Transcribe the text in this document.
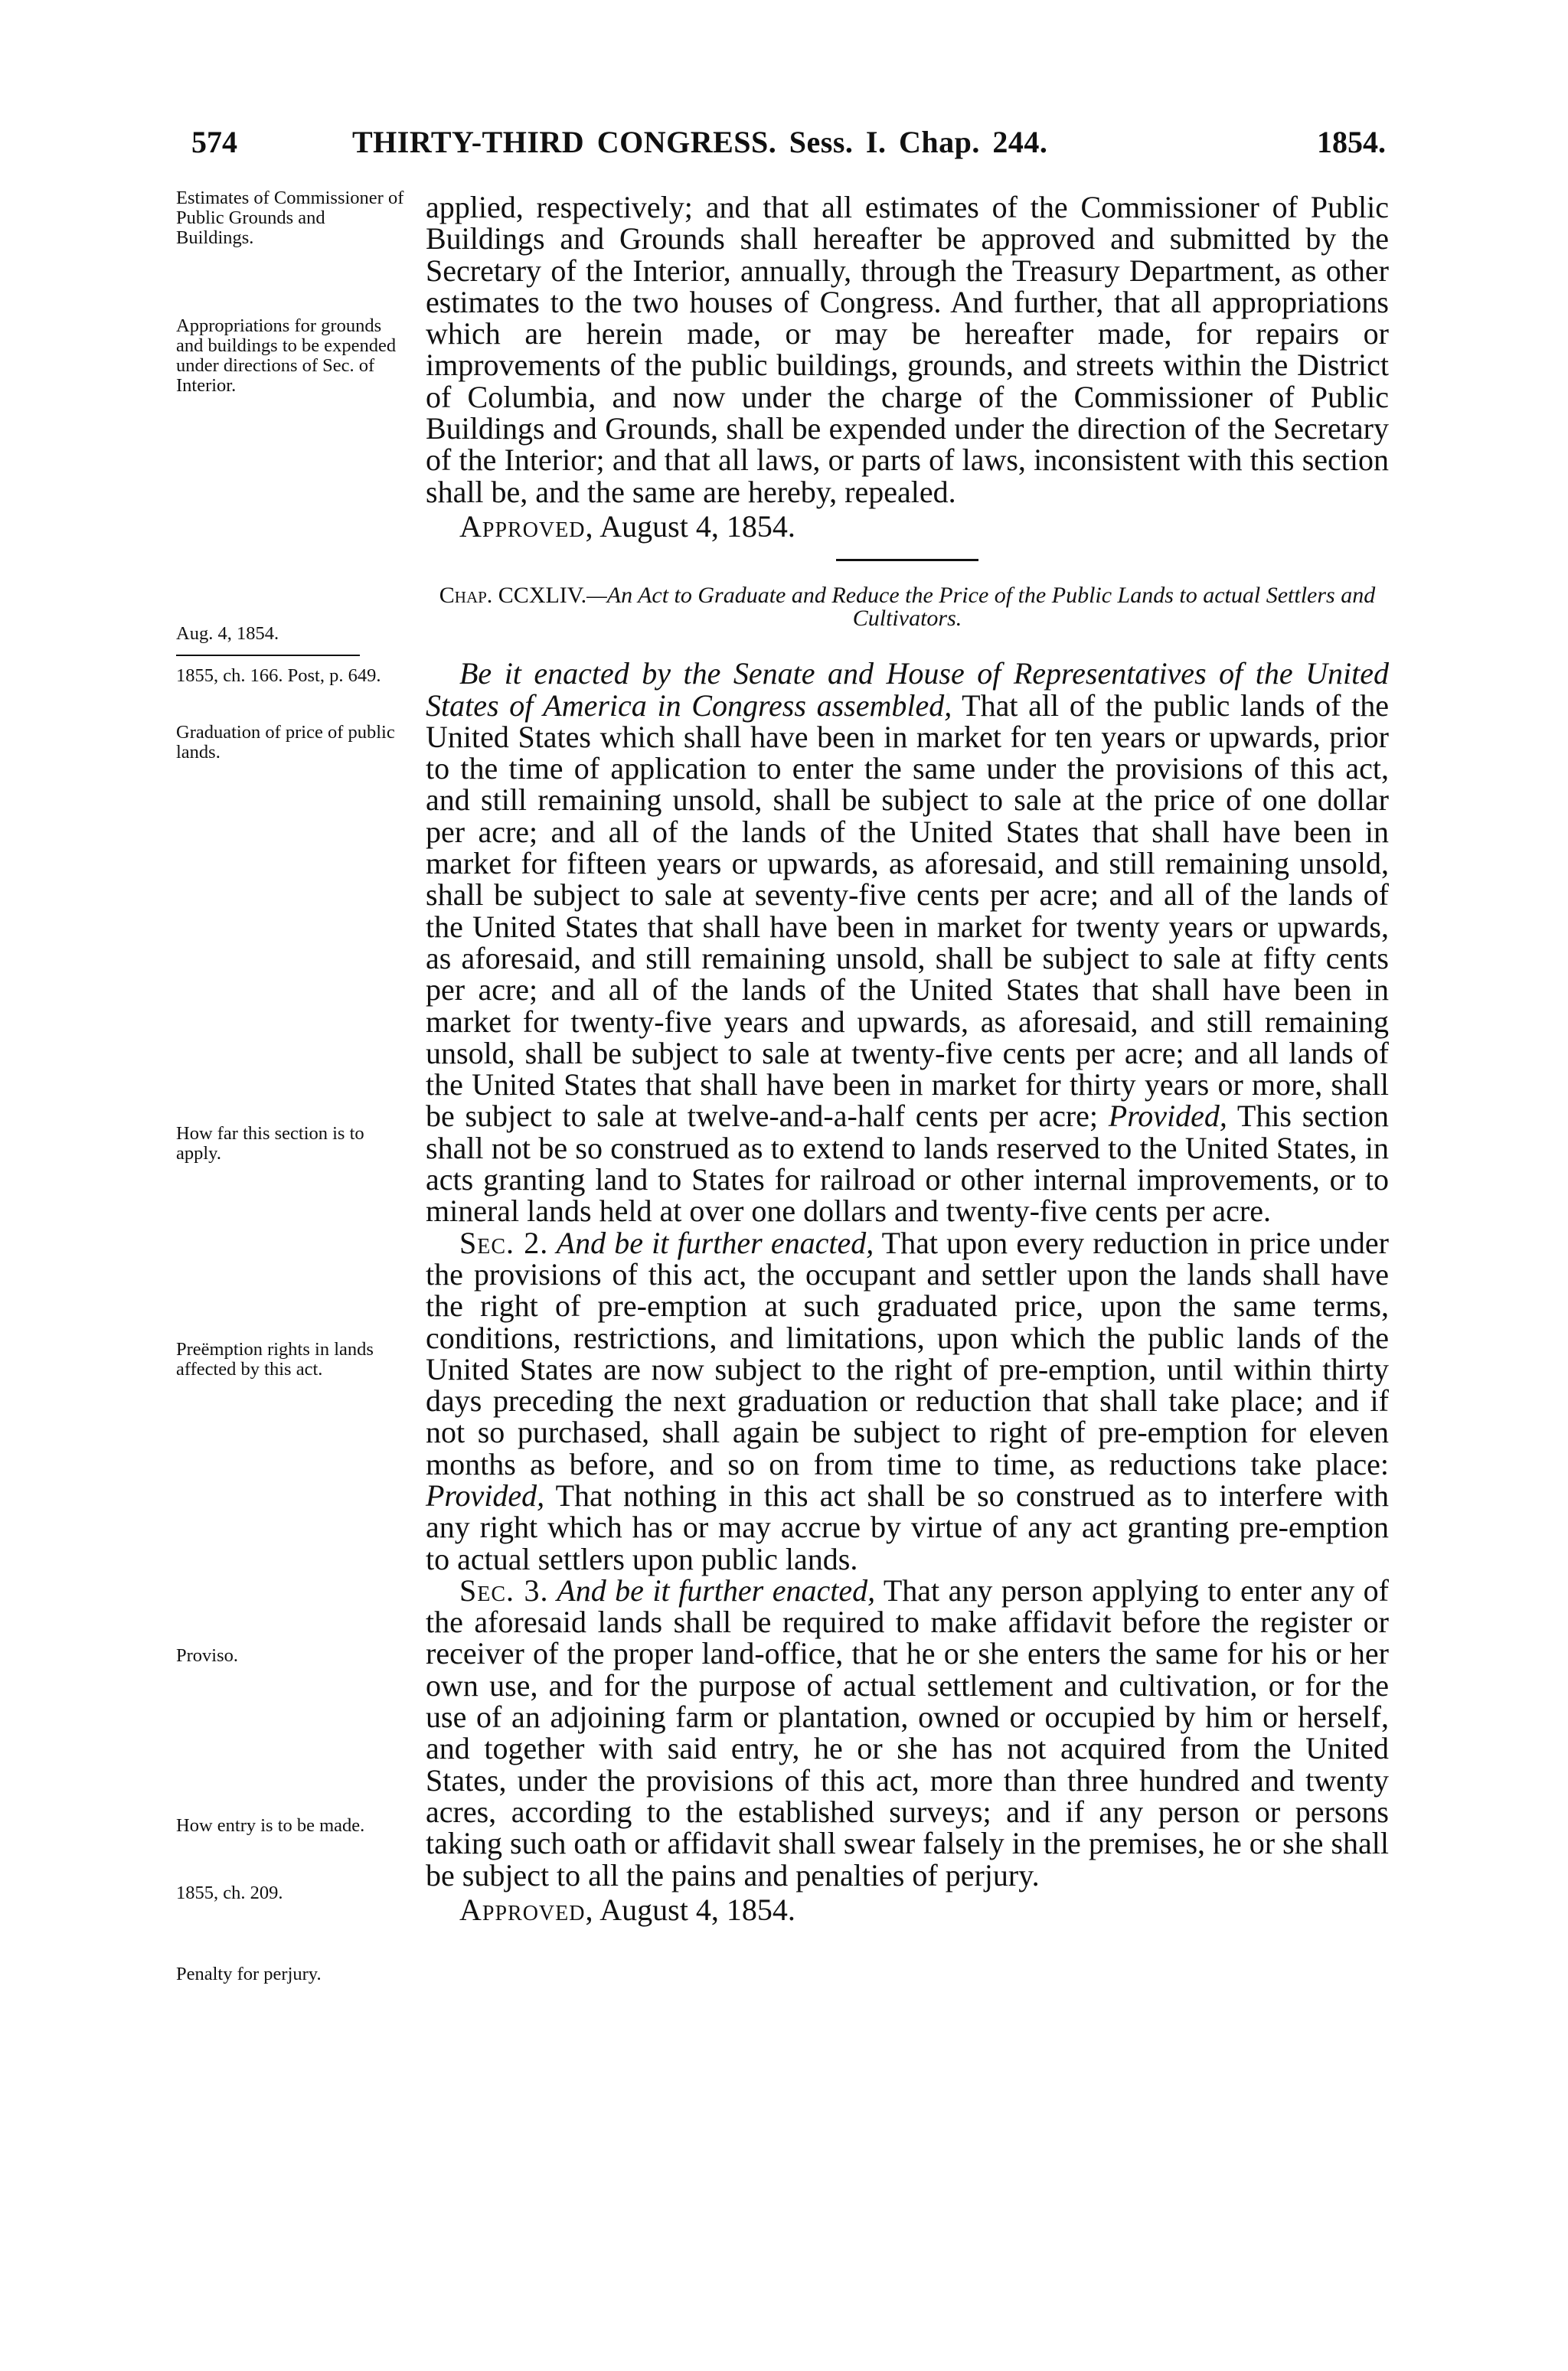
574	THIRTY-THIRD CONGRESS. Sess. I. Chap. 244.	1854.

Estimates of Commissioner of Public Grounds and Buildings.

Appropriations for grounds and buildings to be expended under directions of Sec. of Interior.

Aug. 4, 1854.

1855, ch. 166. Post, p. 649.

Graduation of price of public lands.

How far this section is to apply.

Preëmption rights in lands affected by this act.

Proviso.

How entry is to be made.

1855, ch. 209.

Penalty for perjury.

applied, respectively; and that all estimates of the Commissioner of Public Buildings and Grounds shall hereafter be approved and submitted by the Secretary of the Interior, annually, through the Treasury Department, as other estimates to the two houses of Congress. And further, that all appropriations which are herein made, or may be hereafter made, for repairs or improvements of the public buildings, grounds, and streets within the District of Columbia, and now under the charge of the Commissioner of Public Buildings and Grounds, shall be expended under the direction of the Secretary of the Interior; and that all laws, or parts of laws, inconsistent with this section shall be, and the same are hereby, repealed.

Approved, August 4, 1854.

Chap. CCXLIV.—An Act to Graduate and Reduce the Price of the Public Lands to actual Settlers and Cultivators.

Be it enacted by the Senate and House of Representatives of the United States of America in Congress assembled, That all of the public lands of the United States which shall have been in market for ten years or upwards, prior to the time of application to enter the same under the provisions of this act, and still remaining unsold, shall be subject to sale at the price of one dollar per acre; and all of the lands of the United States that shall have been in market for fifteen years or upwards, as aforesaid, and still remaining unsold, shall be subject to sale at seventy-five cents per acre; and all of the lands of the United States that shall have been in market for twenty years or upwards, as aforesaid, and still remaining unsold, shall be subject to sale at fifty cents per acre; and all of the lands of the United States that shall have been in market for twenty-five years and upwards, as aforesaid, and still remaining unsold, shall be subject to sale at twenty-five cents per acre; and all lands of the United States that shall have been in market for thirty years or more, shall be subject to sale at twelve-and-a-half cents per acre; Provided, This section shall not be so construed as to extend to lands reserved to the United States, in acts granting land to States for railroad or other internal improvements, or to mineral lands held at over one dollars and twenty-five cents per acre.

Sec. 2. And be it further enacted, That upon every reduction in price under the provisions of this act, the occupant and settler upon the lands shall have the right of pre-emption at such graduated price, upon the same terms, conditions, restrictions, and limitations, upon which the public lands of the United States are now subject to the right of pre-emption, until within thirty days preceding the next graduation or reduction that shall take place; and if not so purchased, shall again be subject to right of pre-emption for eleven months as before, and so on from time to time, as reductions take place: Provided, That nothing in this act shall be so construed as to interfere with any right which has or may accrue by virtue of any act granting pre-emption to actual settlers upon public lands.

Sec. 3. And be it further enacted, That any person applying to enter any of the aforesaid lands shall be required to make affidavit before the register or receiver of the proper land-office, that he or she enters the same for his or her own use, and for the purpose of actual settlement and cultivation, or for the use of an adjoining farm or plantation, owned or occupied by him or herself, and together with said entry, he or she has not acquired from the United States, under the provisions of this act, more than three hundred and twenty acres, according to the established surveys; and if any person or persons taking such oath or affidavit shall swear falsely in the premises, he or she shall be subject to all the pains and penalties of perjury.

Approved, August 4, 1854.
